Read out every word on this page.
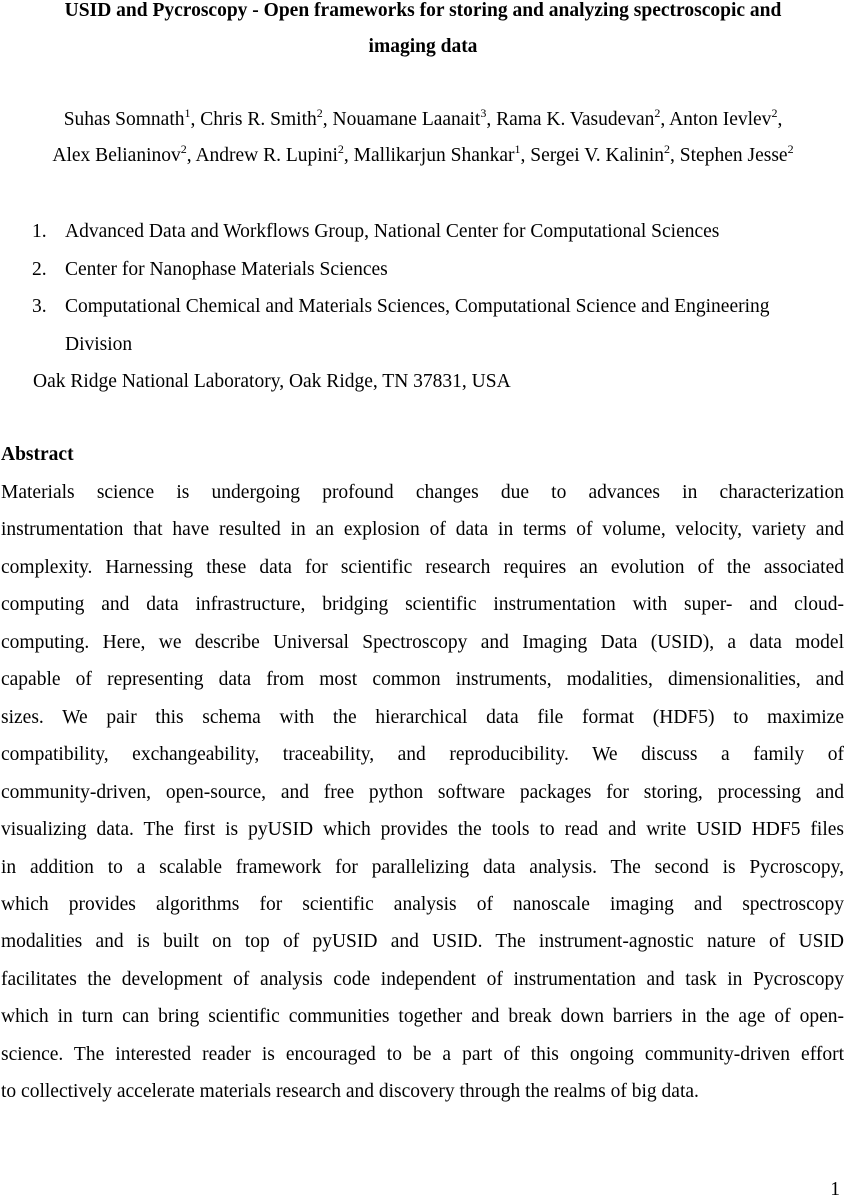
USID and Pycroscopy - Open frameworks for storing and analyzing spectroscopic and
imaging data
Suhas Somnath$^1$, Chris R. Smith$^2$, Nouamane Laanait$^3$, Rama K. Vasudevan$^2$, Anton Ievlev$^2$,
Alex Belianinov$^2$, Andrew R. Lupini$^2$, Mallikarjun Shankar$^1$, Sergei V. Kalinin$^2$, Stephen Jesse$^2$
1. Advanced Data and Workflows Group, National Center for Computational Sciences
2. Center for Nanophase Materials Sciences
3. Computational Chemical and Materials Sciences, Computational Science and Engineering
Division
Oak Ridge National Laboratory, Oak Ridge, TN 37831, USA
Abstract
Materials science is undergoing profound changes due to advances in characterization
instrumentation that have resulted in an explosion of data in terms of volume, velocity, variety and
complexity. Harnessing these data for scientific research requires an evolution of the associated
computing and data infrastructure, bridging scientific instrumentation with super- and cloud-
computing. Here, we describe Universal Spectroscopy and Imaging Data (USID), a data model
capable of representing data from most common instruments, modalities, dimensionalities, and
sizes. We pair this schema with the hierarchical data file format (HDF5) to maximize
compatibility, exchangeability, traceability, and reproducibility. We discuss a family of
community-driven, open-source, and free python software packages for storing, processing and
visualizing data. The first is pyUSID which provides the tools to read and write USID HDF5 files
in addition to a scalable framework for parallelizing data analysis. The second is Pycroscopy,
which provides algorithms for scientific analysis of nanoscale imaging and spectroscopy
modalities and is built on top of pyUSID and USID. The instrument-agnostic nature of USID
facilitates the development of analysis code independent of instrumentation and task in Pycroscopy
which in turn can bring scientific communities together and break down barriers in the age of open-
science. The interested reader is encouraged to be a part of this ongoing community-driven effort
to collectively accelerate materials research and discovery through the realms of big data.
1
